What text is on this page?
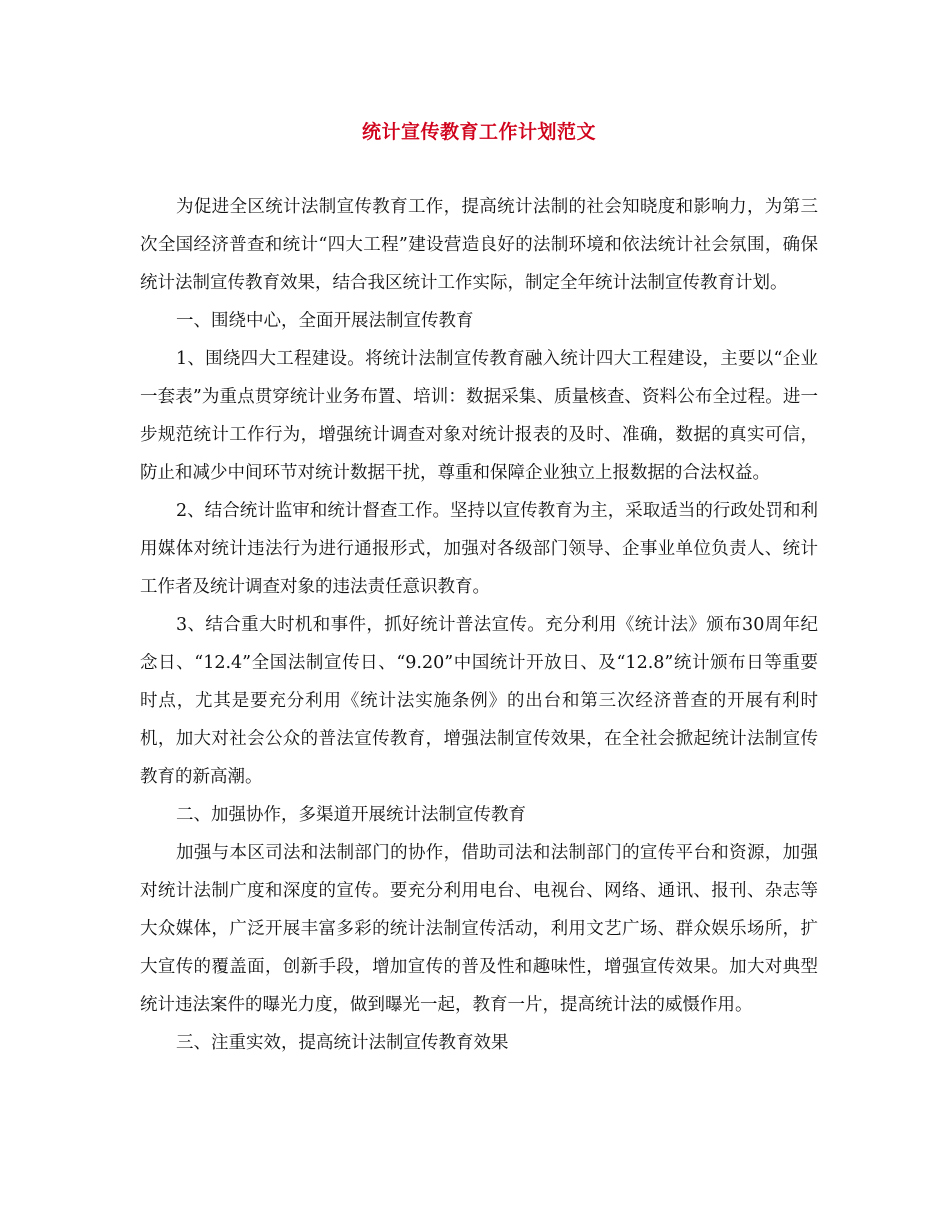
统计宣传教育工作计划范文

为促进全区统计法制宣传教育工作，提高统计法制的社会知晓度和影响力，为第三次全国经济普查和统计“四大工程”建设营造良好的法制环境和依法统计社会氛围，确保统计法制宣传教育效果，结合我区统计工作实际，制定全年统计法制宣传教育计划。

一、围绕中心，全面开展法制宣传教育

1、围绕四大工程建设。将统计法制宣传教育融入统计四大工程建设，主要以“企业一套表”为重点贯穿统计业务布置、培训：数据采集、质量核查、资料公布全过程。进一步规范统计工作行为，增强统计调查对象对统计报表的及时、准确，数据的真实可信，防止和减少中间环节对统计数据干扰，尊重和保障企业独立上报数据的合法权益。

2、结合统计监审和统计督查工作。坚持以宣传教育为主，采取适当的行政处罚和利用媒体对统计违法行为进行通报形式，加强对各级部门领导、企事业单位负责人、统计工作者及统计调查对象的违法责任意识教育。

3、结合重大时机和事件，抓好统计普法宣传。充分利用《统计法》颁布30周年纪念日、“12.4”全国法制宣传日、“9.20”中国统计开放日、及“12.8”统计颁布日等重要时点，尤其是要充分利用《统计法实施条例》的出台和第三次经济普查的开展有利时机，加大对社会公众的普法宣传教育，增强法制宣传效果，在全社会掀起统计法制宣传教育的新高潮。

二、加强协作，多渠道开展统计法制宣传教育

加强与本区司法和法制部门的协作，借助司法和法制部门的宣传平台和资源，加强对统计法制广度和深度的宣传。要充分利用电台、电视台、网络、通讯、报刊、杂志等大众媒体，广泛开展丰富多彩的统计法制宣传活动，利用文艺广场、群众娱乐场所，扩大宣传的覆盖面，创新手段，增加宣传的普及性和趣味性，增强宣传效果。加大对典型统计违法案件的曝光力度，做到曝光一起，教育一片，提高统计法的威慑作用。

三、注重实效，提高统计法制宣传教育效果
